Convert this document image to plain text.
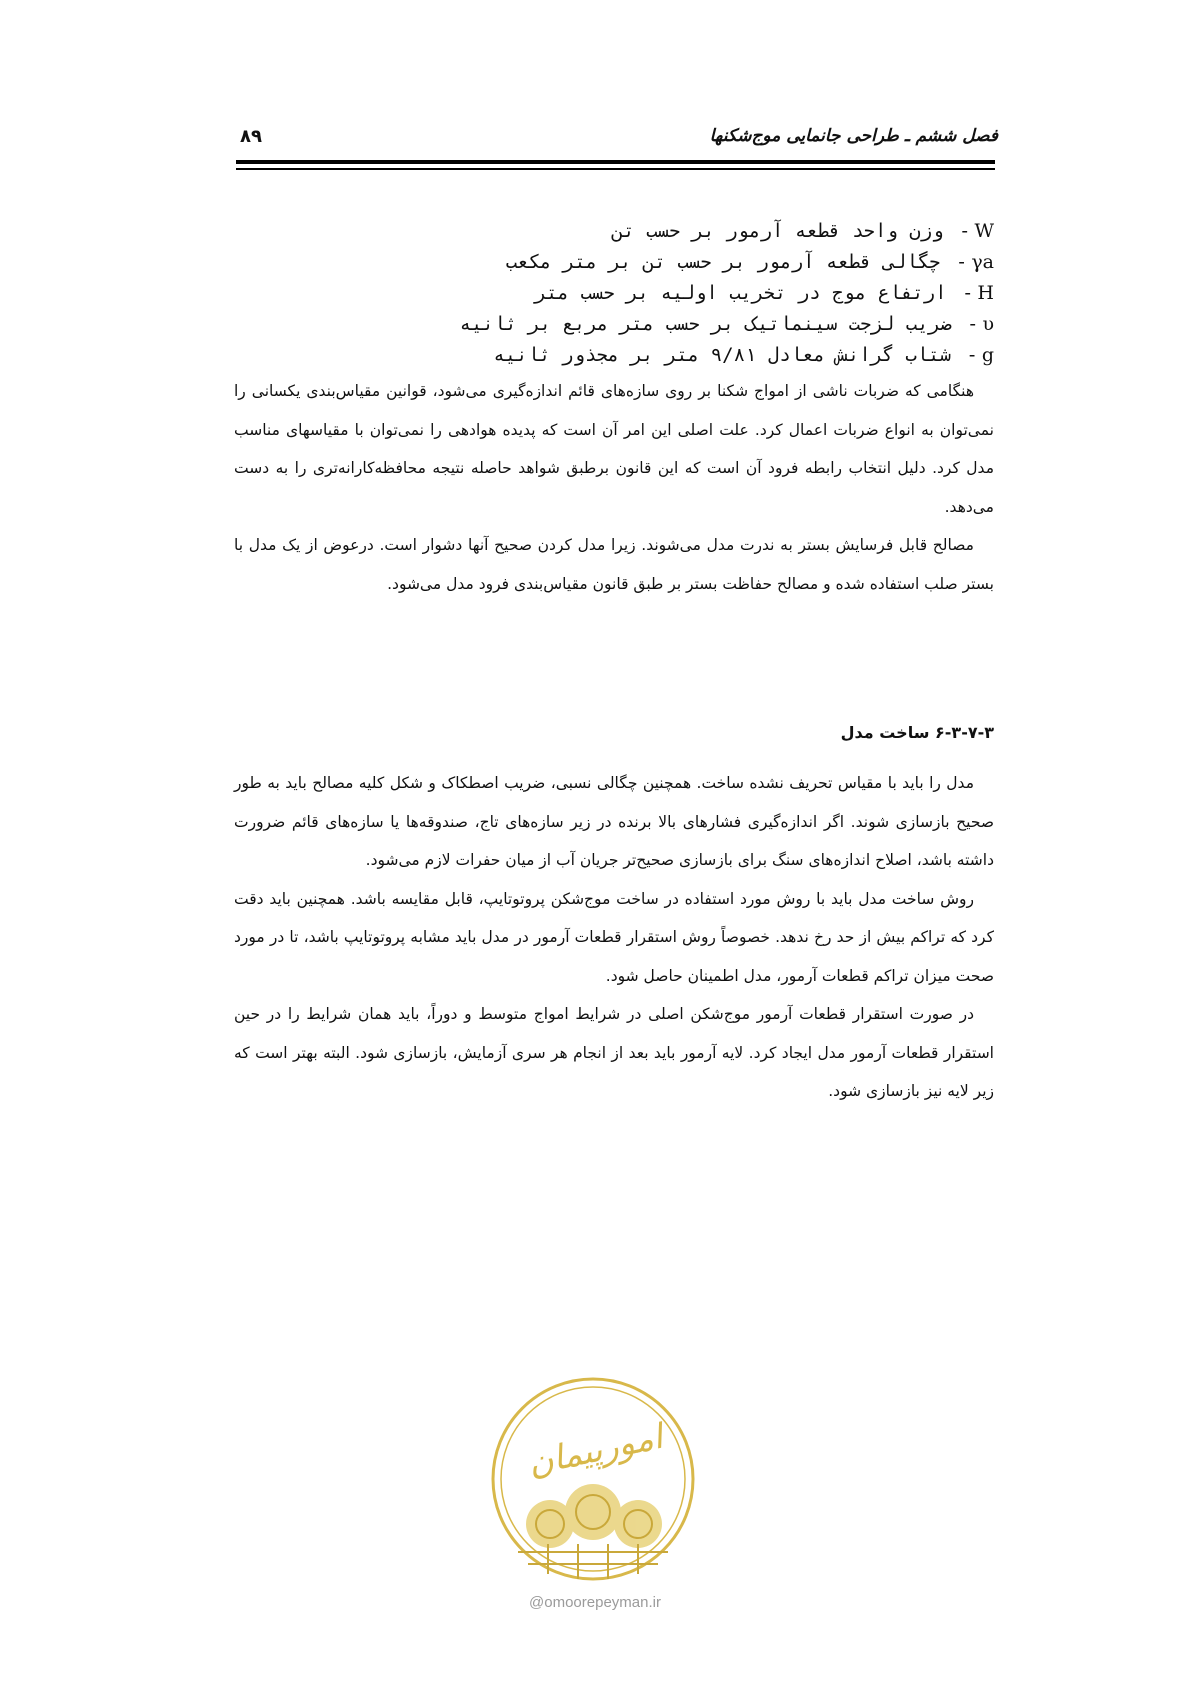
فصل ششم ـ طراحی جانمایی موج‌شکنها
۸۹
W- وزن واحد قطعه آرمور بر حسب تن
γa- چگالی قطعه آرمور بر حسب تن بر متر مکعب
H- ارتفاع موج در تخریب اولیه بر حسب متر
υ- ضریب لزجت سینماتیک بر حسب متر مربع بر ثانیه
g- شتاب گرانش معادل ۹/۸۱ متر بر مجذور ثانیه

هنگامی که ضربات ناشی از امواج شکنا بر روی سازه‌های قائم اندازه‌گیری می‌شود، قوانین مقیاس‌بندی یکسانی را نمی‌توان به انواع ضربات اعمال کرد. علت اصلی این امر آن است که پدیده هوادهی را نمی‌توان با مقیاسهای مناسب مدل کرد. دلیل انتخاب رابطه فرود آن است که این قانون برطبق شواهد حاصله نتیجه محافظه‌کارانه‌تری را به دست می‌دهد.

مصالح قابل فرسایش بستر به ندرت مدل می‌شوند. زیرا مدل کردن صحیح آنها دشوار است. درعوض از یک مدل با بستر صلب استفاده شده و مصالح حفاظت بستر بر طبق قانون مقیاس‌بندی فرود مدل می‌شود.

۶-۳-۷-۳ ساخت مدل

مدل را باید با مقیاس تحریف نشده ساخت. همچنین چگالی نسبی، ضریب اصطکاک و شکل کلیه مصالح باید به طور صحیح بازسازی شوند. اگر اندازه‌گیری فشارهای بالا برنده در زیر سازه‌های تاج، صندوقه‌ها یا سازه‌های قائم ضرورت داشته باشد، اصلاح اندازه‌های سنگ برای بازسازی صحیح‌تر جریان آب از میان حفرات لازم می‌شود.

روش ساخت مدل باید با روش مورد استفاده در ساخت موج‌شکن پروتوتایپ، قابل مقایسه باشد. همچنین باید دقت کرد که تراکم بیش از حد رخ ندهد. خصوصاً روش استقرار قطعات آرمور در مدل باید مشابه پروتوتایپ باشد، تا در مورد صحت میزان تراکم قطعات آرمور، مدل اطمینان حاصل شود.

در صورت استقرار قطعات آرمور موج‌شکن اصلی در شرایط امواج متوسط و دوراً، باید همان شرایط را در حین استقرار قطعات آرمور مدل ایجاد کرد. لایه آرمور باید بعد از انجام هر سری آزمایش، بازسازی شود. البته بهتر است که زیر لایه نیز بازسازی شود.

امورپیمان
@omoorepeyman.ir
